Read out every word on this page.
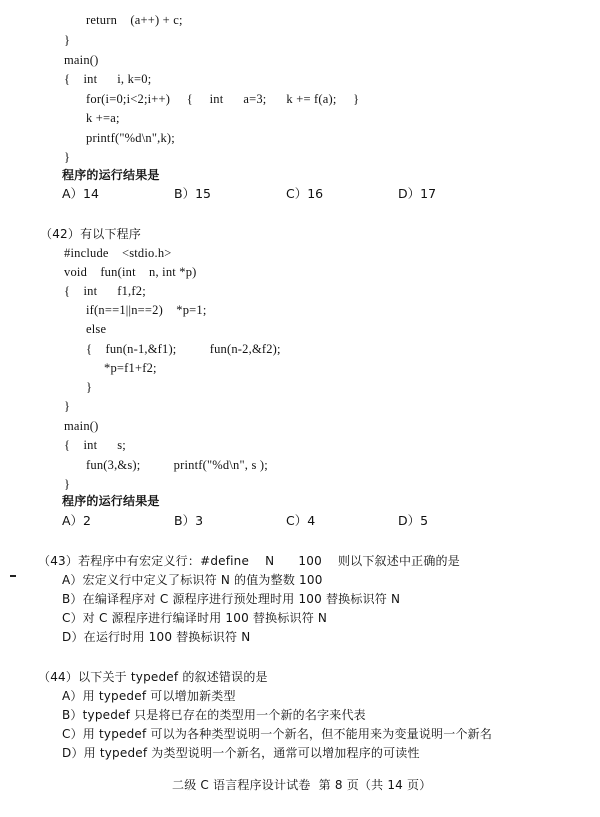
return    (a++) + c;
}
main()
{    int      i, k=0;
for(i=0;i<2;i++)     {     int      a=3;      k += f(a);     }
k +=a;
printf("%d\n",k);
}
程序的运行结果是
A）14	B）15	C）16	D）17
（42）有以下程序
#include    <stdio.h>
void    fun(int    n, int *p)
{    int      f1,f2;
if(n==1||n==2)    *p=1;
else
{    fun(n-1,&f1);          fun(n-2,&f2);
*p=f1+f2;
}
}
main()
{    int      s;
fun(3,&s);          printf("%d\n", s );
}
程序的运行结果是
A）2	B）3	C）4	D）5
（43）若程序中有宏定义行：#define    N      100    则以下叙述中正确的是
A）宏定义行中定义了标识符 N 的值为整数 100
B）在编译程序对 C 源程序进行预处理时用 100 替换标识符 N
C）对 C 源程序进行编译时用 100 替换标识符 N
D）在运行时用 100 替换标识符 N
（44）以下关于 typedef 的叙述错误的是
A）用 typedef 可以增加新类型
B）typedef 只是将已存在的类型用一个新的名字来代表
C）用 typedef 可以为各种类型说明一个新名，但不能用来为变量说明一个新名
D）用 typedef 为类型说明一个新名，通常可以增加程序的可读性
二级 C 语言程序设计试卷  第 8 页（共 14 页）
